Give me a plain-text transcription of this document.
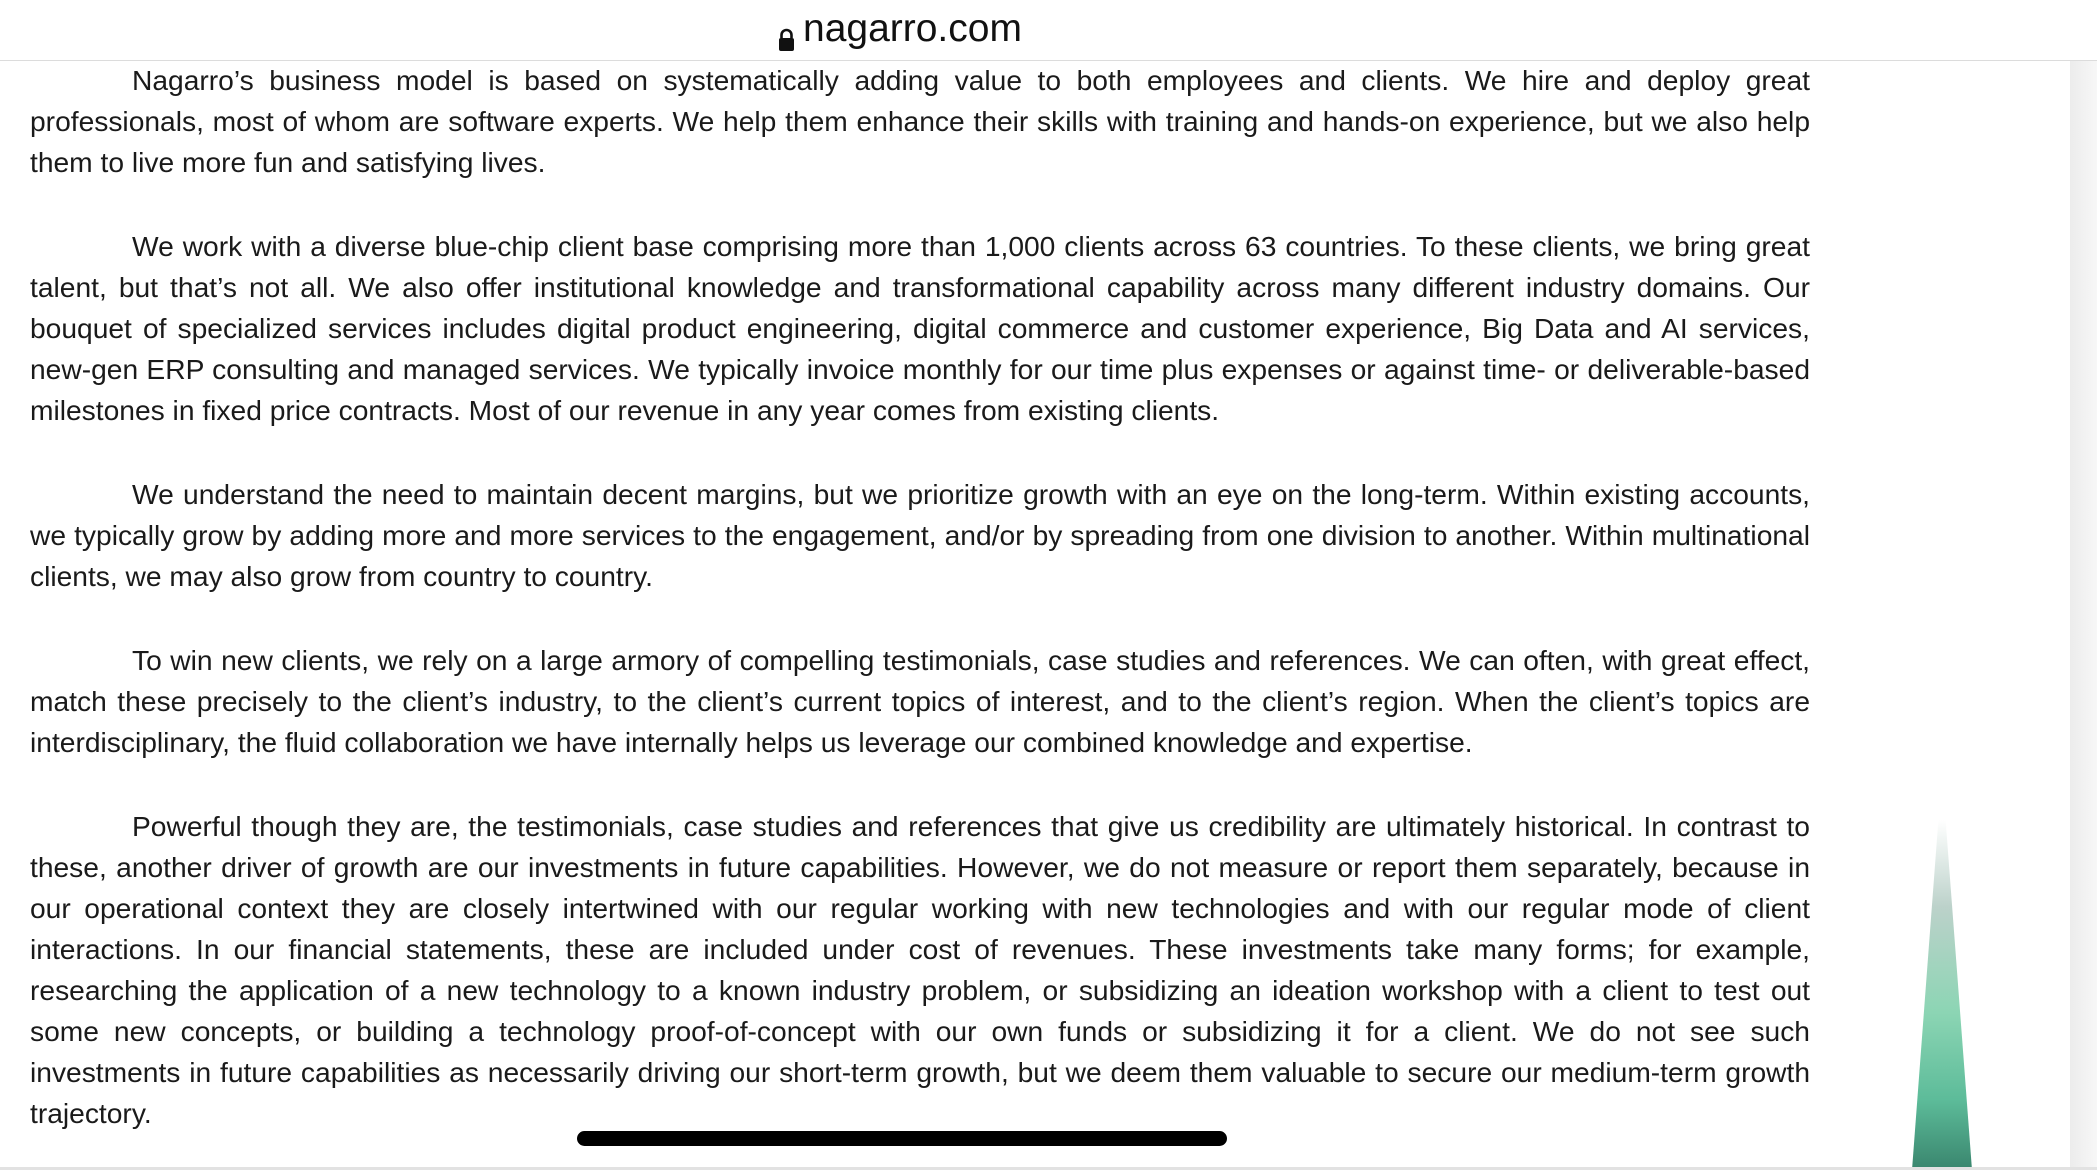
nagarro.com

Nagarro’s business model is based on systematically adding value to both employees and clients. We hire and deploy great professionals, most of whom are software experts. We help them enhance their skills with training and hands-on experience, but we also help them to live more fun and satisfying lives.

We work with a diverse blue-chip client base comprising more than 1,000 clients across 63 countries. To these clients, we bring great talent, but that’s not all. We also offer institutional knowledge and transformational capability across many different industry domains. Our bouquet of specialized services includes digital product engineering, digital commerce and customer experience, Big Data and AI services, new-gen ERP consulting and managed services. We typically invoice monthly for our time plus expenses or against time- or deliverable-based milestones in fixed price contracts. Most of our revenue in any year comes from existing clients.

We understand the need to maintain decent margins, but we prioritize growth with an eye on the long-term. Within existing accounts, we typically grow by adding more and more services to the engagement, and/or by spreading from one division to another. Within multinational clients, we may also grow from country to country.

To win new clients, we rely on a large armory of compelling testimonials, case studies and references. We can often, with great effect, match these precisely to the client’s industry, to the client’s current topics of interest, and to the client’s region. When the client’s topics are interdisciplinary, the fluid collaboration we have internally helps us leverage our combined knowledge and expertise.

Powerful though they are, the testimonials, case studies and references that give us credibility are ultimately historical. In contrast to these, another driver of growth are our investments in future capabilities. However, we do not measure or report them separately, because in our operational context they are closely intertwined with our regular working with new technologies and with our regular mode of client interactions. In our financial statements, these are included under cost of revenues. These investments take many forms; for example, researching the application of a new technology to a known industry problem, or subsidizing an ideation workshop with a client to test out some new concepts, or building a technology proof-of-concept with our own funds or subsidizing it for a client. We do not see such investments in future capabilities as necessarily driving our short-term growth, but we deem them valuable to secure our medium-term growth trajectory.
